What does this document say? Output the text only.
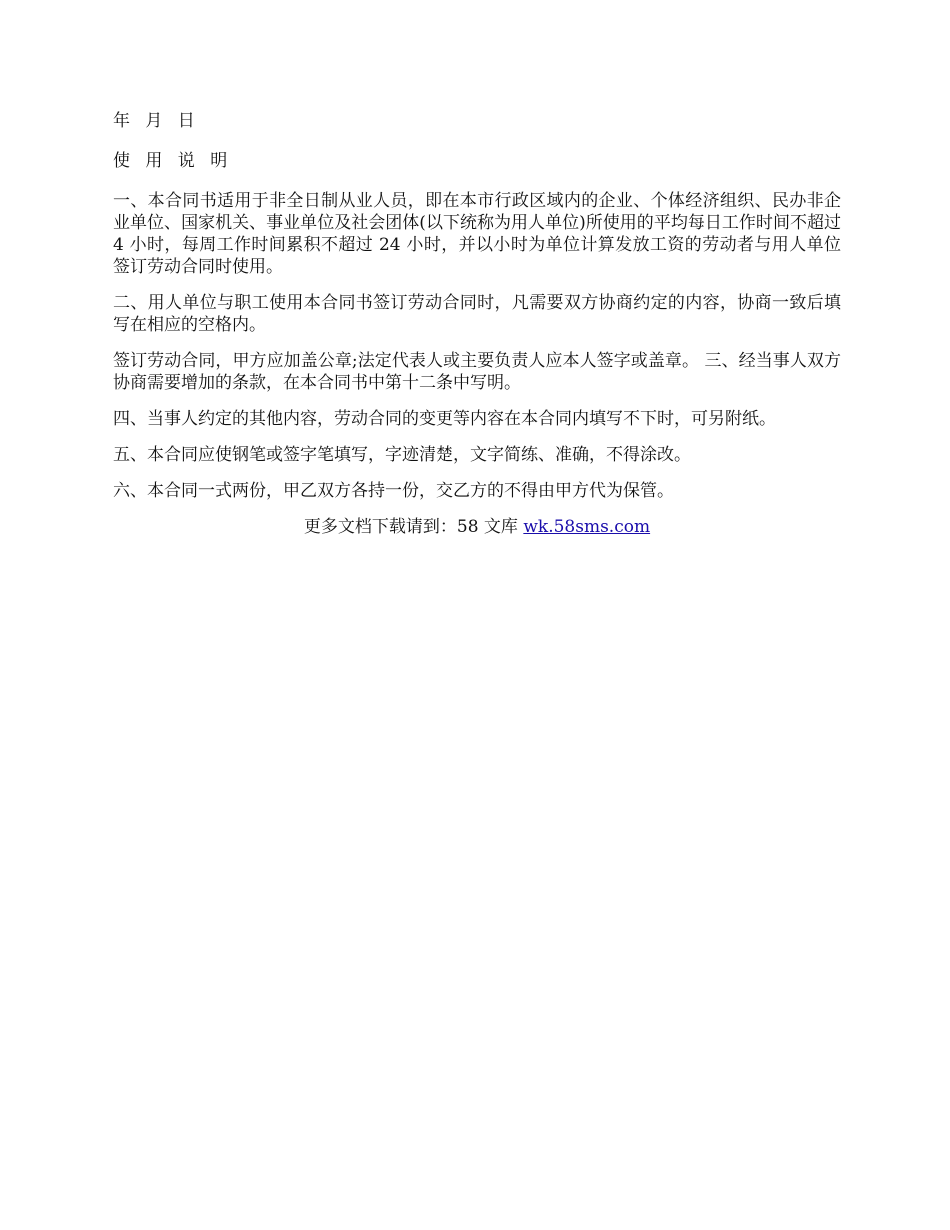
年 月 日

使 用 说 明

一、本合同书适用于非全日制从业人员，即在本市行政区域内的企业、个体经济组织、民办非企业单位、国家机关、事业单位及社会团体(以下统称为用人单位)所使用的平均每日工作时间不超过 4 小时，每周工作时间累积不超过 24 小时，并以小时为单位计算发放工资的劳动者与用人单位签订劳动合同时使用。

二、用人单位与职工使用本合同书签订劳动合同时，凡需要双方协商约定的内容，协商一致后填写在相应的空格内。

签订劳动合同，甲方应加盖公章;法定代表人或主要负责人应本人签字或盖章。 三、经当事人双方协商需要增加的条款，在本合同书中第十二条中写明。

四、当事人约定的其他内容，劳动合同的变更等内容在本合同内填写不下时，可另附纸。

五、本合同应使钢笔或签字笔填写，字迹清楚，文字简练、准确，不得涂改。

六、本合同一式两份，甲乙双方各持一份，交乙方的不得由甲方代为保管。

更多文档下载请到：58 文库 wk.58sms.com
